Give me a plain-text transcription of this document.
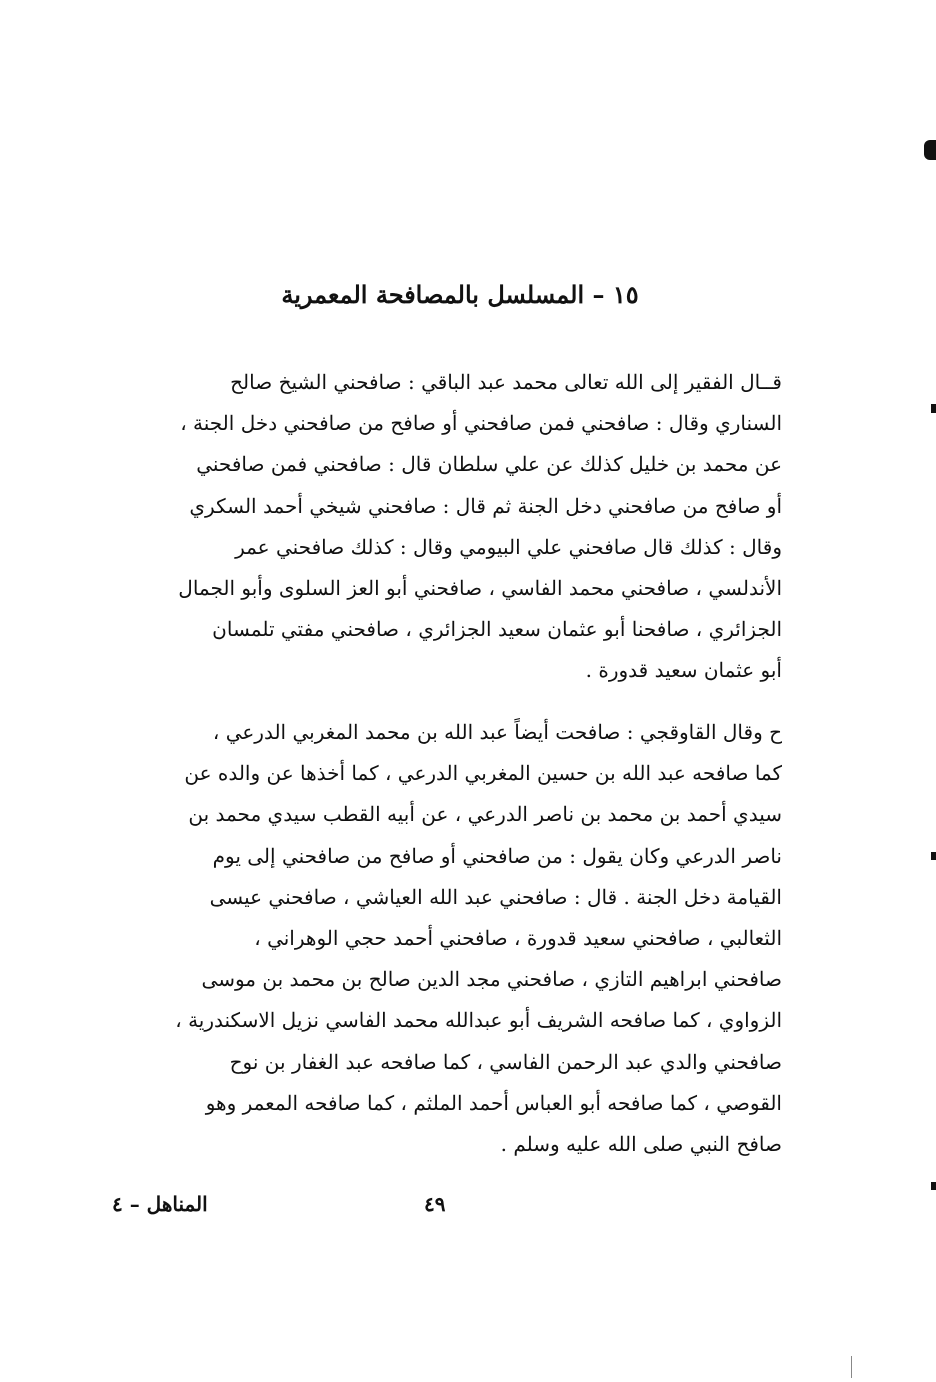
١٥ – المسلسل بالمصافحة المعمرية
قــال الفقير إلى الله تعالى محمد عبد الباقي : صافحني الشيخ صالح
السناري وقال : صافحني فمن صافحني أو صافح من صافحني دخل الجنة ،
عن محمد بن خليل كذلك عن علي سلطان قال : صافحني فمن صافحني
أو صافح من صافحني دخل الجنة ثم قال : صافحني شيخي أحمد السكري
وقال : كذلك قال صافحني علي البيومي وقال : كذلك صافحني عمر
الأندلسي ، صافحني محمد الفاسي ، صافحني أبو العز السلوى وأبو الجمال
الجزائري ، صافحنا أبو عثمان سعيد الجزائري ، صافحني مفتي تلمسان
أبو عثمان سعيد قدورة .
ح وقال القاوقجي : صافحت أيضاً عبد الله بن محمد المغربي الدرعي ،
كما صافحه عبد الله بن حسين المغربي الدرعي ، كما أخذها عن والده عن
سيدي أحمد بن محمد بن ناصر الدرعي ، عن أبيه القطب سيدي محمد بن
ناصر الدرعي وكان يقول : من صافحني أو صافح من صافحني إلى يوم
القيامة دخل الجنة . قال : صافحني عبد الله العياشي ، صافحني عيسى
الثعالبي ، صافحني سعيد قدورة ، صافحني أحمد حجي الوهراني ،
صافحني ابراهيم التازي ، صافحني مجد الدين صالح بن محمد بن موسى
الزواوي ، كما صافحه الشريف أبو عبدالله محمد الفاسي نزيل الاسكندرية ،
صافحني والدي عبد الرحمن الفاسي ، كما صافحه عبد الغفار بن نوح
القوصي ، كما صافحه أبو العباس أحمد الملثم ، كما صافحه المعمر وهو
صافح النبي صلى الله عليه وسلم .
٤٩
المناهل – ٤
